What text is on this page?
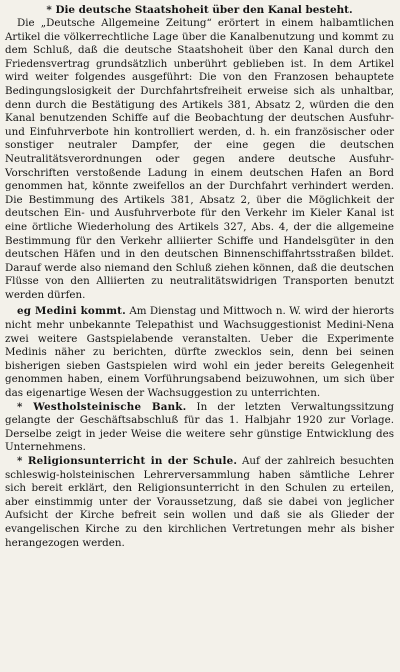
* Die deutsche Staatshoheit über den Kanal besteht.

Die „Deutsche Allgemeine Zeitung“ erörtert in einem halbamtlichen Artikel die völkerrechtliche Lage über die Kanalbenutzung und kommt zu dem Schluß, daß die deutsche Staatshoheit über den Kanal durch den Friedensvertrag grundsätzlich unberührt geblieben ist. In dem Artikel wird weiter folgendes ausgeführt: Die von den Franzosen behauptete Bedingungslosigkeit der Durchfahrtsfreiheit erweise sich als unhaltbar, denn durch die Bestätigung des Artikels 381, Absatz 2, würden die den Kanal benutzenden Schiffe auf die Beobachtung der deutschen Ausfuhr- und Einfuhrverbote hin kontrolliert werden, d. h. ein französischer oder sonstiger neutraler Dampfer, der eine gegen die deutschen Neutralitätsverordnungen oder gegen andere deutsche Ausfuhr-Vorschriften verstoßende Ladung in einem deutschen Hafen an Bord genommen hat, könnte zweifellos an der Durchfahrt verhindert werden. Die Bestimmung des Artikels 381, Absatz 2, über die Möglichkeit der deutschen Ein- und Ausfuhrverbote für den Verkehr im Kieler Kanal ist eine örtliche Wiederholung des Artikels 327, Abs. 4, der die allgemeine Bestimmung für den Verkehr alliierter Schiffe und Handelsgüter in den deutschen Häfen und in den deutschen Binnenschiffahrtsstraßen bildet. Darauf werde also niemand den Schluß ziehen können, daß die deutschen Flüsse von den Alliierten zu neutralitätswidrigen Transporten benutzt werden dürfen.

eg Medini kommt. Am Dienstag und Mittwoch n. W. wird der hierorts nicht mehr unbekannte Telepathist und Wachsuggestionist Medini-Nena zwei weitere Gastspielabende veranstalten. Ueber die Experimente Medinis näher zu berichten, dürfte zwecklos sein, denn bei seinen bisherigen sieben Gastspielen wird wohl ein jeder bereits Gelegenheit genommen haben, einem Vorführungsabend beizuwohnen, um sich über das eigenartige Wesen der Wachsuggestion zu unterrichten.

* Westholsteinische Bank. In der letzten Verwaltungssitzung gelangte der Geschäftsabschluß für das 1. Halbjahr 1920 zur Vorlage. Derselbe zeigt in jeder Weise die weitere sehr günstige Entwicklung des Unternehmens.

* Religionsunterricht in der Schule. Auf der zahlreich besuchten schleswig-holsteinischen Lehrerversammlung haben sämtliche Lehrer sich bereit erklärt, den Religionsunterricht in den Schulen zu erteilen, aber einstimmig unter der Voraussetzung, daß sie dabei von jeglicher Aufsicht der Kirche befreit sein wollen und daß sie als Glieder der evangelischen Kirche zu den kirchlichen Vertretungen mehr als bisher herangezogen werden.
